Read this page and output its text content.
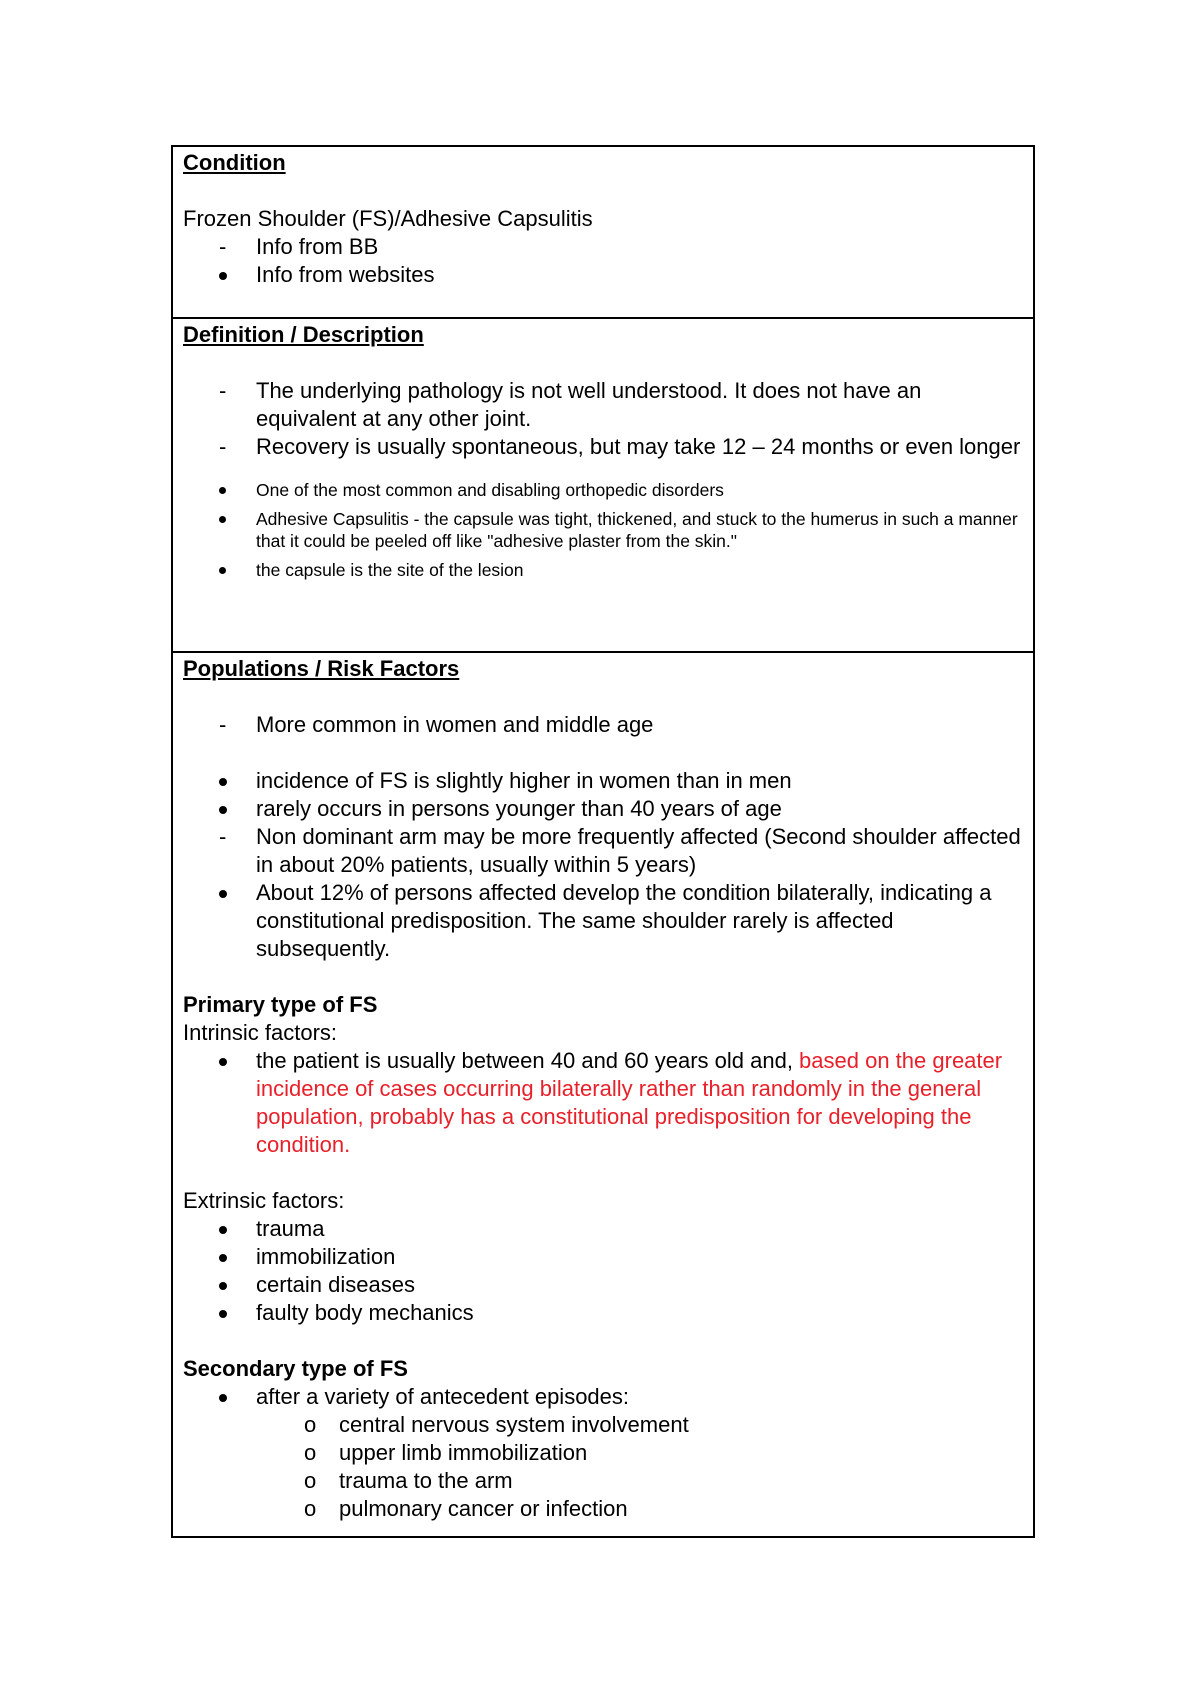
Condition
Frozen Shoulder (FS)/Adhesive Capsulitis
-	Info from BB
Info from websites
Definition / Description
-	The underlying pathology is not well understood. It does not have an equivalent at any other joint.
-	Recovery is usually spontaneous, but may take 12 – 24 months or even longer
One of the most common and disabling orthopedic disorders
Adhesive Capsulitis - the capsule was tight, thickened, and stuck to the humerus in such a manner that it could be peeled off like "adhesive plaster from the skin."
the capsule is the site of the lesion
Populations / Risk Factors
-	More common in women and middle age
incidence of FS is slightly higher in women than in men
rarely occurs in persons younger than 40 years of age
-	Non dominant arm may be more frequently affected (Second shoulder affected in about 20% patients, usually within 5 years)
About 12% of persons affected develop the condition bilaterally, indicating a constitutional predisposition. The same shoulder rarely is affected subsequently.
Primary type of FS
Intrinsic factors:
the patient is usually between 40 and 60 years old and, based on the greater incidence of cases occurring bilaterally rather than randomly in the general population, probably has a constitutional predisposition for developing the condition.
Extrinsic factors:
trauma
immobilization
certain diseases
faulty body mechanics
Secondary type of FS
after a variety of antecedent episodes:
o	central nervous system involvement
o	upper limb immobilization
o	trauma to the arm
o	pulmonary cancer or infection
